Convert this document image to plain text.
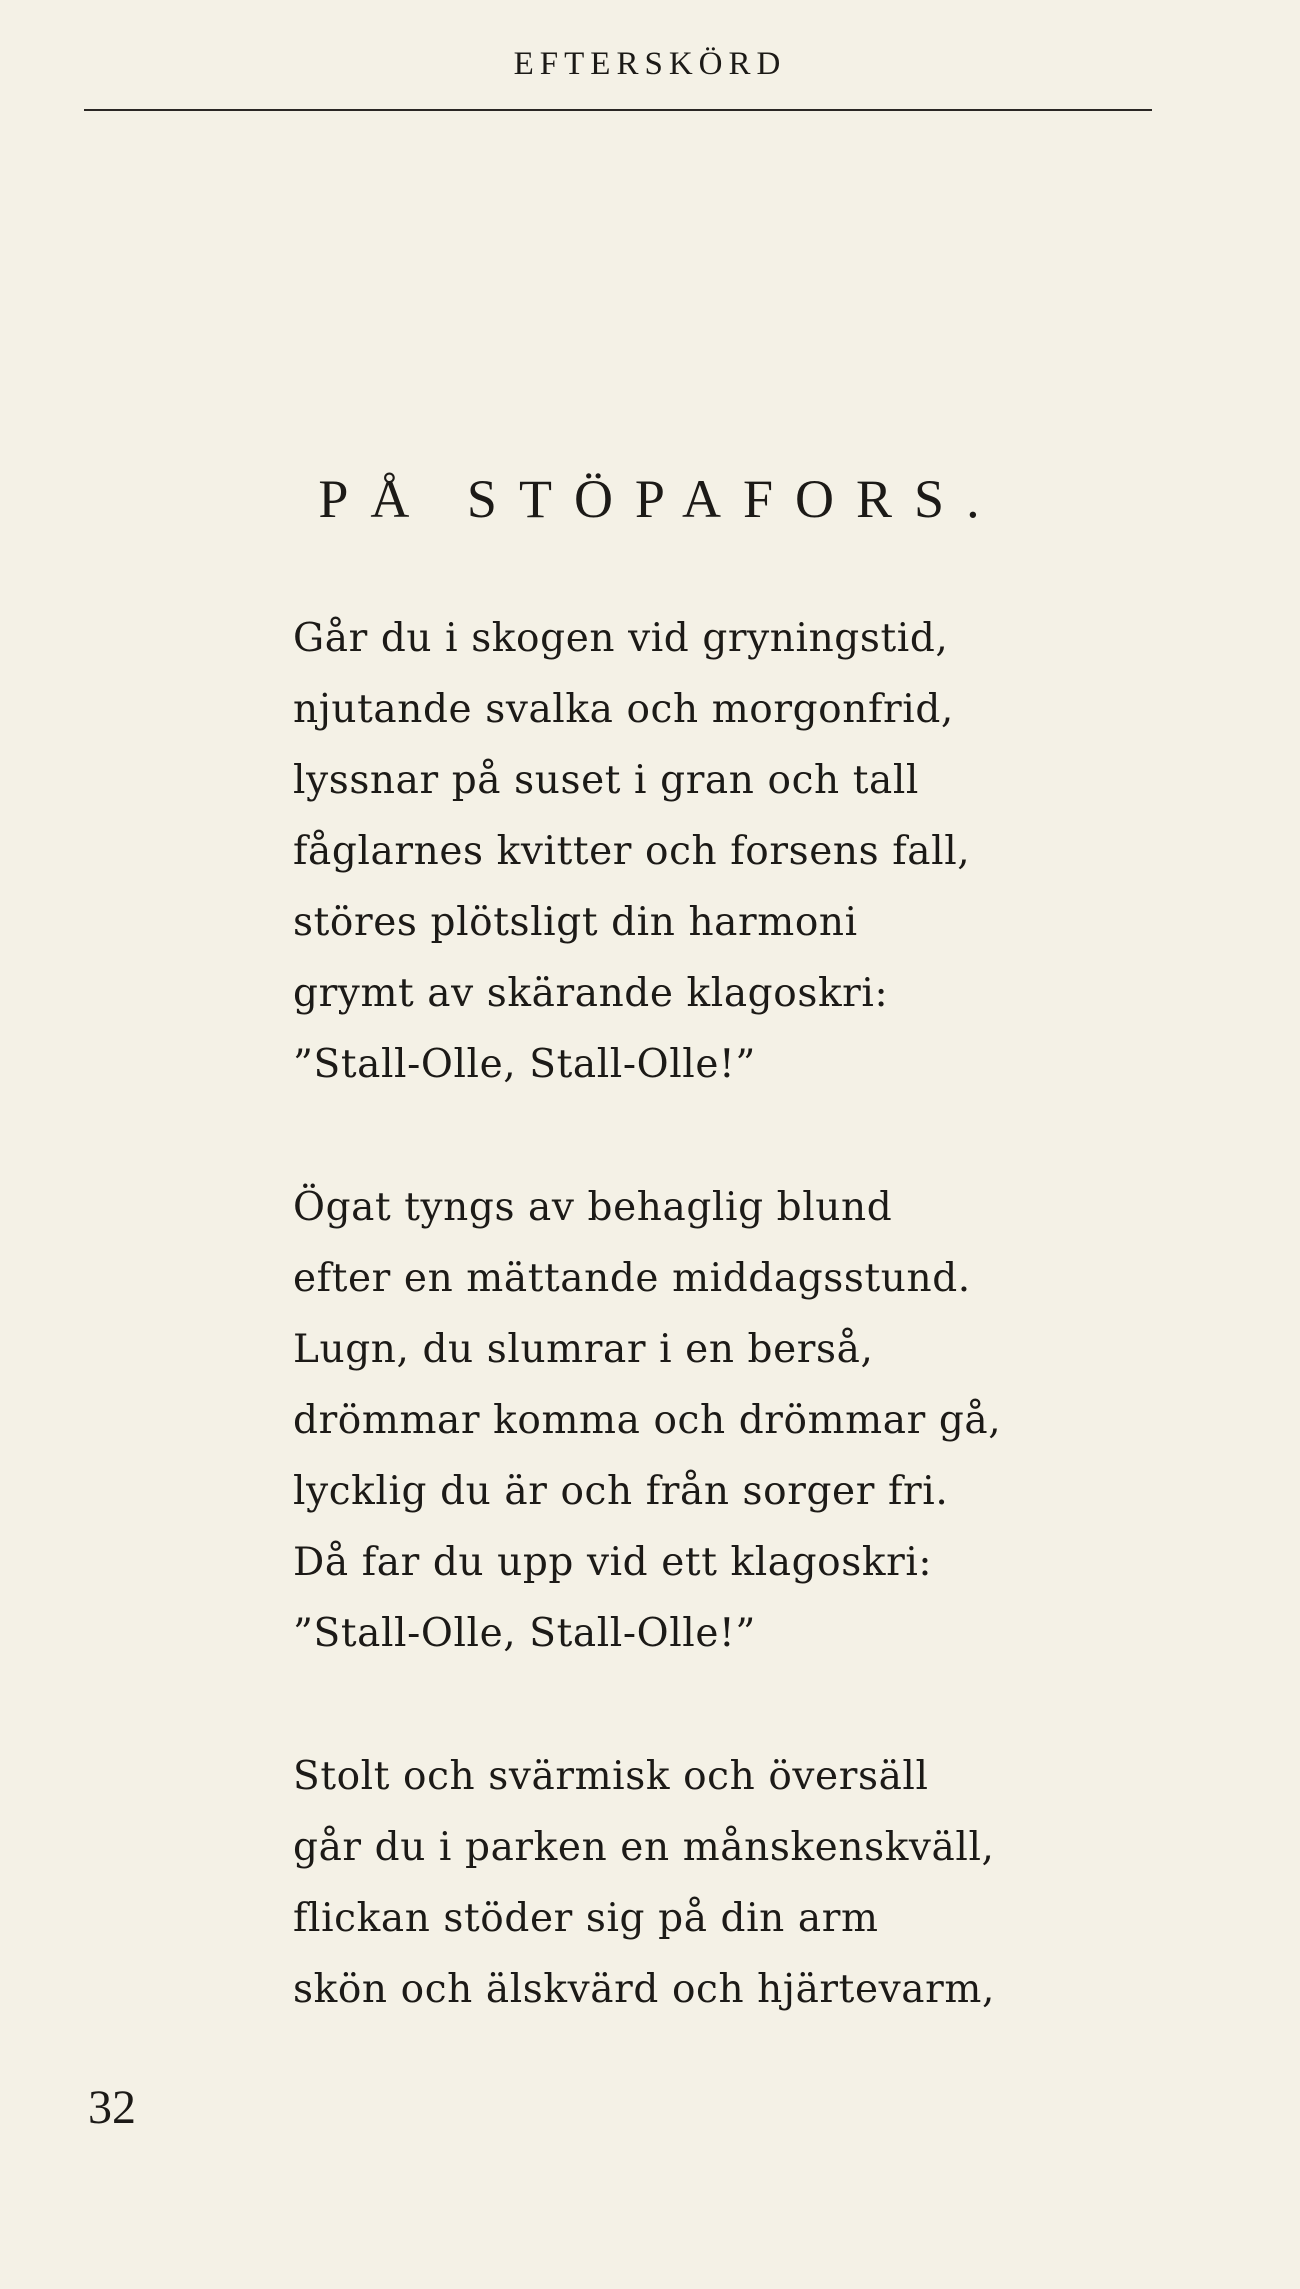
EFTERSKÖRD
PÅ STÖPAFORS.
Går du i skogen vid gryningstid,
njutande svalka och morgonfrid,
lyssnar på suset i gran och tall
fåglarnes kvitter och forsens fall,
störes plötsligt din harmoni
grymt av skärande klagoskri:
”Stall-Olle, Stall-Olle!”
Ögat tyngs av behaglig blund
efter en mättande middagsstund.
Lugn, du slumrar i en berså,
drömmar komma och drömmar gå,
lycklig du är och från sorger fri.
Då far du upp vid ett klagoskri:
”Stall-Olle, Stall-Olle!”
Stolt och svärmisk och översäll
går du i parken en månskenskväll,
flickan stöder sig på din arm
skön och älskvärd och hjärtevarm,
32
